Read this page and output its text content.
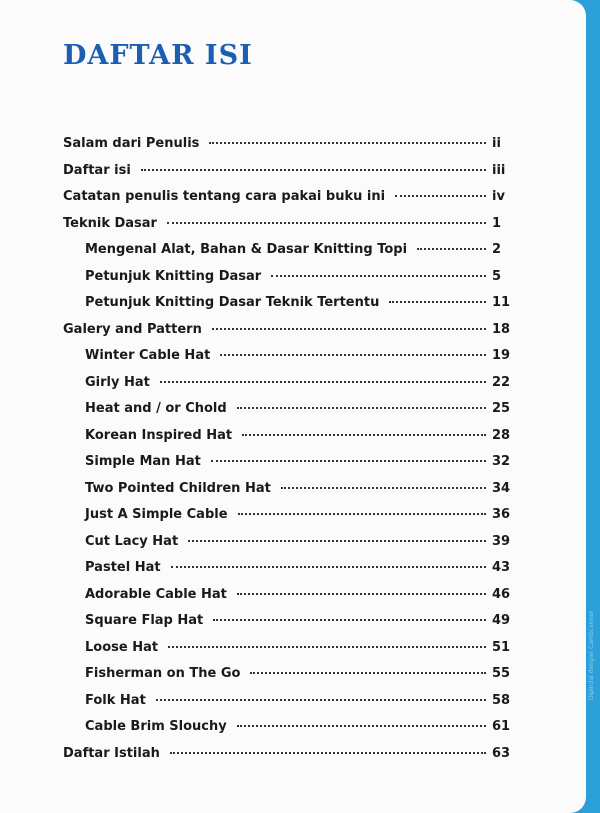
DAFTAR ISI
Salam dari Penulis	ii
Daftar isi	iii
Catatan penulis tentang cara pakai buku ini	iv
Teknik Dasar	1
Mengenal Alat, Bahan & Dasar Knitting Topi	2
Petunjuk Knitting Dasar	5
Petunjuk Knitting Dasar Teknik Tertentu	11
Galery and Pattern	18
Winter Cable Hat	19
Girly Hat	22
Heat and / or Chold	25
Korean Inspired Hat	28
Simple Man Hat	32
Two Pointed Children Hat	34
Just A Simple Cable	36
Cut Lacy Hat	39
Pastel Hat	43
Adorable Cable Hat	46
Square Flap Hat	49
Loose Hat	51
Fisherman on The Go	55
Folk Hat	58
Cable Brim Slouchy	61
Daftar Istilah	63
Dipindai dengan CamScanner
